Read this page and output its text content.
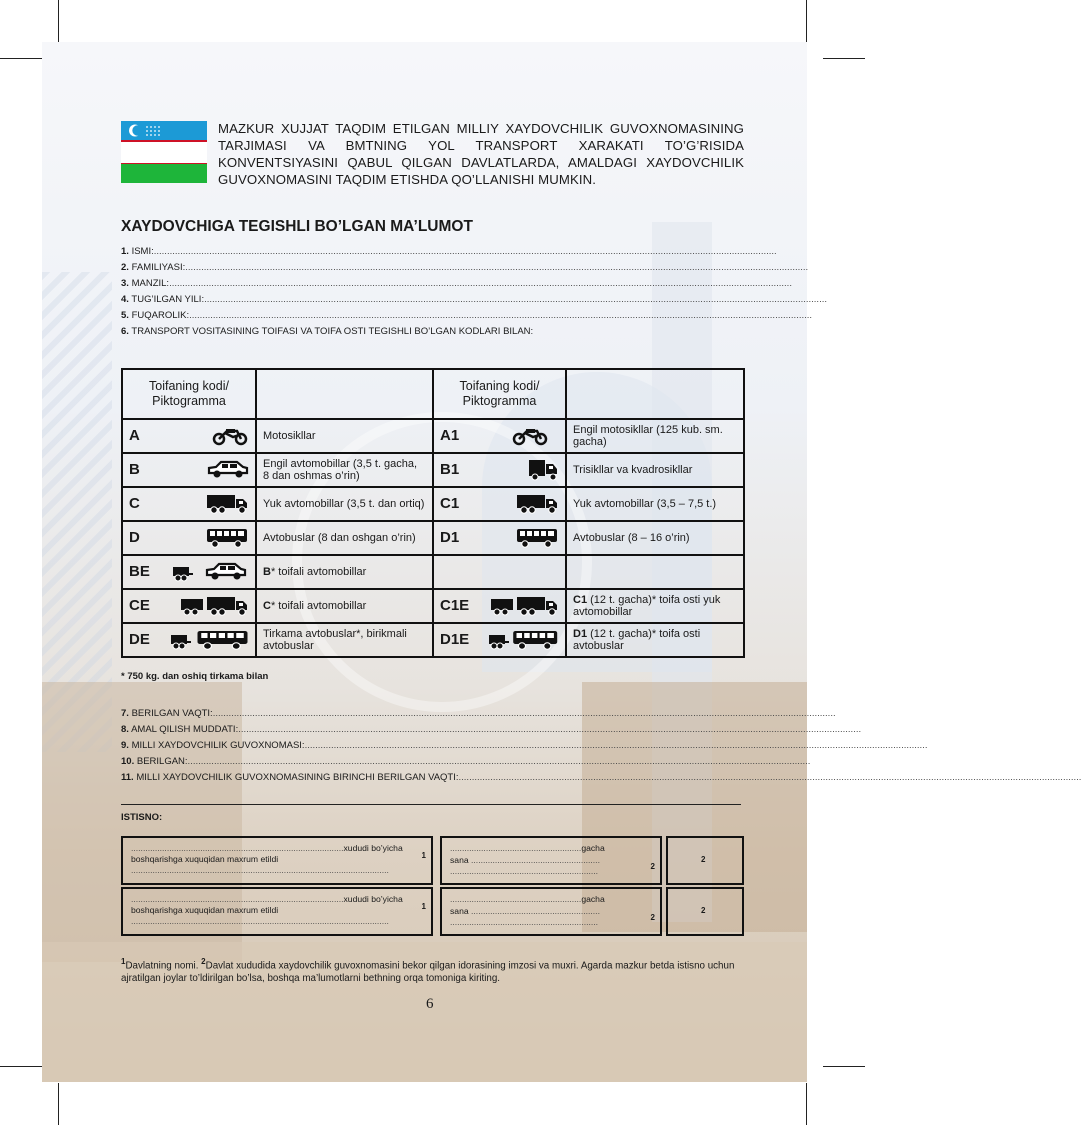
MAZKUR XUJJAT TAQDIM ETILGAN MILLIY XAYDOVCHILIK GUVOXNOMASINING TARJIMASI VA BMTNING YOL TRANSPORT XARAKATI TO’G’RISIDA KONVENTSIYASINI QABUL QILGAN DAVLATLARDA, AMALDAGI XAYDOVCHILIK GUVOXNOMASINI TAQDIM ETISHDA QO’LLANISHI MUMKIN.
XAYDOVCHIGA TEGISHLI BO’LGAN MA’LUMOT
1. ISMI:............................................................................................................................................................................................................................................
2. FAMILIYASI:............................................................................................................................................................................................................................................
3. MANZIL:............................................................................................................................................................................................................................................
4. TUG’ILGAN YILI:............................................................................................................................................................................................................................................
5. FUQAROLIK:............................................................................................................................................................................................................................................
6. TRANSPORT VOSITASINING TOIFASI VA TOIFA OSTI TEGISHLI BO’LGAN KODLARI BILAN:
Toifaning kodi/ Piktogramma		Toifaning kodi/ Piktogramma	
A	Motosikllar	A1	Engil motosikllar (125 kub. sm. gacha)
B	Engil avtomobillar (3,5 t. gacha, 8 dan oshmas o’rin)	B1	Trisikllar va kvadrosikllar
C	Yuk avtomobillar (3,5 t. dan ortiq)	C1	Yuk avtomobillar (3,5 – 7,5 t.)
D	Avtobuslar (8 dan oshgan o’rin)	D1	Avtobuslar (8 – 16 o’rin)
BE	B* toifali avtomobillar		
CE	C* toifali avtomobillar	C1E	C1 (12 t. gacha)* toifa osti yuk avtomobillar
DE	Tirkama avtobuslar*, birikmali avtobuslar	D1E	D1 (12 t. gacha)* toifa osti avtobuslar
* 750 kg. dan oshiq tirkama bilan
7. BERILGAN VAQTI:............................................................................................................................................................................................................................................
8. AMAL QILISH MUDDATI:............................................................................................................................................................................................................................................
9. MILLI XAYDOVCHILIK GUVOXNOMASI:............................................................................................................................................................................................................................................
10. BERILGAN:............................................................................................................................................................................................................................................
11. MILLI XAYDOVCHILIK GUVOXNOMASINING BIRINCHI BERILGAN VAQTI:............................................................................................................................................................................................................................................
ISTISNO:
.........................................................................................xududi bo’yicha
boshqarishga xuquqidan maxrum etildi
............................................................................................................
1
.......................................................gacha
sana ......................................................
..............................................................	2
2
.........................................................................................xududi bo’yicha
boshqarishga xuquqidan maxrum etildi
............................................................................................................
1
.......................................................gacha
sana ......................................................
..............................................................	2
2
$^1$Davlatning nomi. $^2$Davlat xududida xaydovchilik guvoxnomasini bekor qilgan idorasining imzosi va muxri. Agarda mazkur betda istisno uchun ajratilgan joylar to’ldirilgan bo’lsa, boshqa ma’lumotlarni bethning orqa tomoniga kiriting.
6
